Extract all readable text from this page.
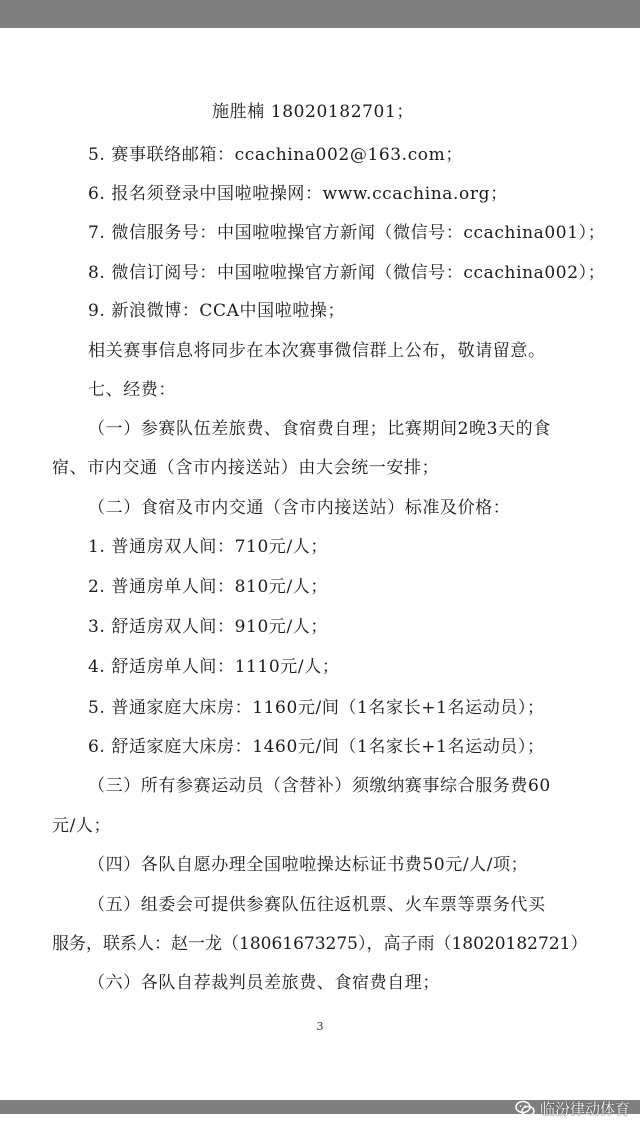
施胜楠 18020182701；
5. 赛事联络邮箱：ccachina002@163.com；
6. 报名须登录中国啦啦操网：www.ccachina.org；
7. 微信服务号：中国啦啦操官方新闻（微信号：ccachina001）；
8. 微信订阅号：中国啦啦操官方新闻（微信号：ccachina002）；
9. 新浪微博：CCA中国啦啦操；
相关赛事信息将同步在本次赛事微信群上公布，敬请留意。
七、经费：
（一）参赛队伍差旅费、食宿费自理；比赛期间2晚3天的食
宿、市内交通（含市内接送站）由大会统一安排；
（二）食宿及市内交通（含市内接送站）标准及价格：
1. 普通房双人间：710元/人；
2. 普通房单人间：810元/人；
3. 舒适房双人间：910元/人；
4. 舒适房单人间：1110元/人；
5. 普通家庭大床房：1160元/间（1名家长+1名运动员）；
6. 舒适家庭大床房：1460元/间（1名家长+1名运动员）；
（三）所有参赛运动员（含替补）须缴纳赛事综合服务费60
元/人；
（四）各队自愿办理全国啦啦操达标证书费50元/人/项；
（五）组委会可提供参赛队伍往返机票、火车票等票务代买
服务，联系人：赵一龙（18061673275），高子雨（18020182721）
（六）各队自荐裁判员差旅费、食宿费自理；
3
临汾律动体育
